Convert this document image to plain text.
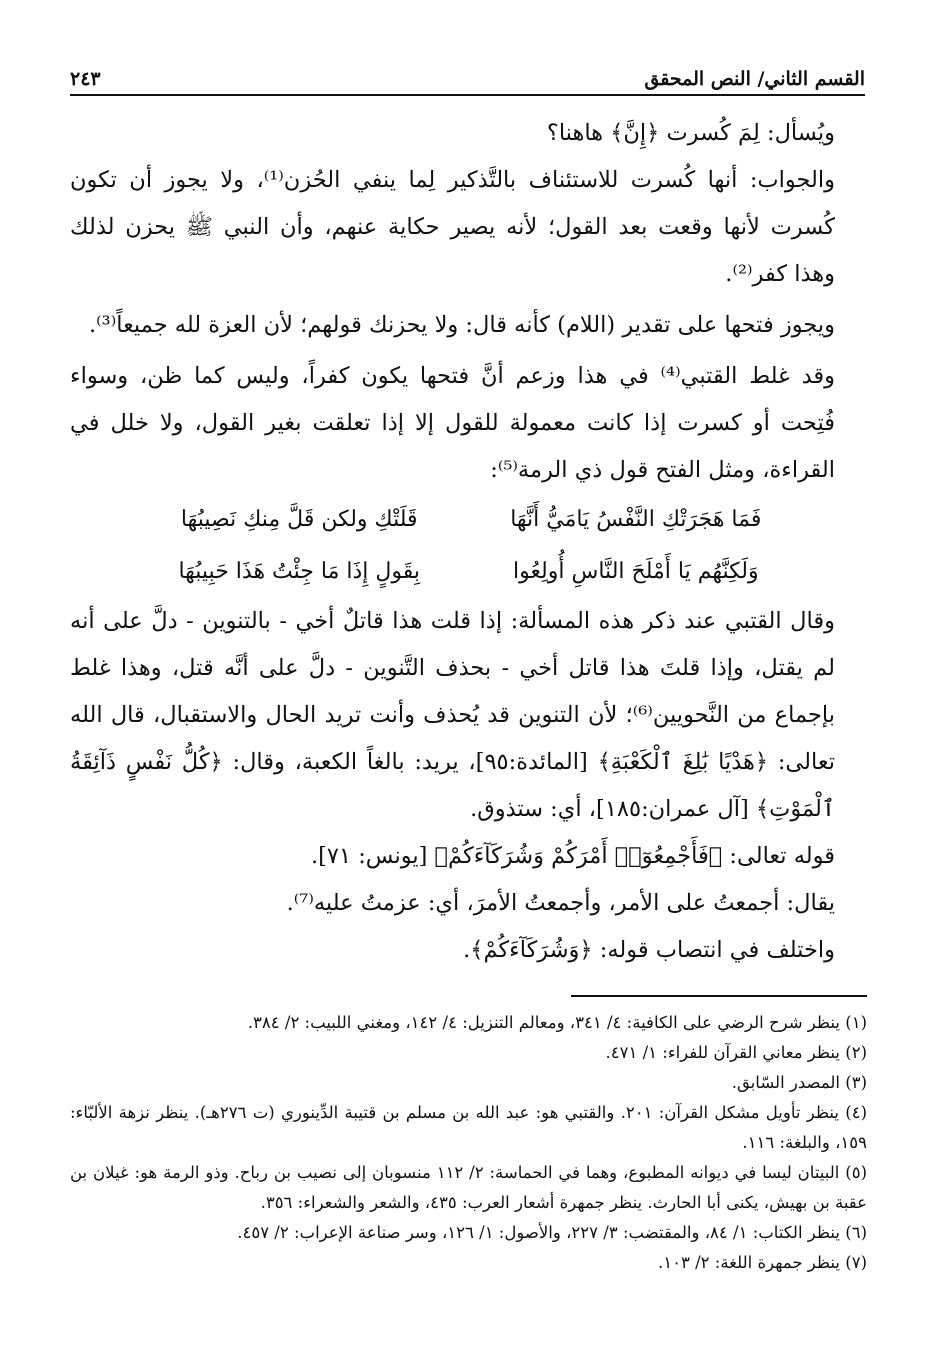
القسم الثاني/ النص المحقق
٢٤٣

ويُسأل: لِمَ كُسرت ﴿إِنَّ﴾ هاهنا؟

والجواب: أنها كُسرت للاستئناف بالتَّذكير لِما ينفي الحُزن⁽¹⁾، ولا يجوز أن تكون كُسرت لأنها وقعت بعد القول؛ لأنه يصير حكاية عنهم، وأن النبي ﷺ يحزن لذلك وهذا كفر⁽²⁾.

ويجوز فتحها على تقدير (اللام) كأنه قال: ولا يحزنك قولهم؛ لأن العزة لله جميعاً⁽³⁾.

وقد غلط القتبي⁽⁴⁾ في هذا وزعم أنَّ فتحها يكون كفراً، وليس كما ظن، وسواء فُتِحت أو كسرت إذا كانت معمولة للقول إلا إذا تعلقت بغير القول، ولا خلل في القراءة، ومثل الفتح قول ذي الرمة⁽⁵⁾:

فَمَا هَجَرَتْكِ النَّفْسُ يَامَيُّ أَنَّهَا
قَلَتْكِ ولكن قَلَّ مِنكِ نَصِيبُهَا
وَلَكِنَّهُم يَا أَمْلَحَ النَّاسِ أُولِعُوا
بِقَولٍ إِذَا مَا جِئْتُ هَذَا حَبِيبُهَا

وقال القتبي عند ذكر هذه المسألة: إذا قلت هذا قاتلٌ أخي - بالتنوين - دلَّ على أنه لم يقتل، وإذا قلتَ هذا قاتل أخي - بحذف التَّنوين - دلَّ على أنَّه قتل، وهذا غلط بإجماع من النَّحويين⁽⁶⁾؛ لأن التنوين قد يُحذف وأنت تريد الحال والاستقبال، قال الله تعالى: ﴿هَدْيًا بَٰلِغَ ٱلْكَعْبَةِ﴾ [المائدة:٩٥]، يريد: بالغاً الكعبة، وقال: ﴿كُلُّ نَفْسٍ ذَآئِقَةُ ٱلْمَوْتِ﴾ [آل عمران:١٨٥]، أي: ستذوق.

قوله تعالى: ﴿فَأَجْمِعُوٓا۟ أَمْرَكُمْ وَشُرَكَآءَكُمْ﴾ [يونس: ٧١].

يقال: أجمعتُ على الأمر، وأجمعتُ الأمرَ، أي: عزمتُ عليه⁽⁷⁾.

واختلف في انتصاب قوله: ﴿وَشُرَكَآءَكُمْ﴾.

(١) ينظر شرح الرضي على الكافية: ٤/ ٣٤١، ومعالم التنزيل: ٤/ ١٤٢، ومغني اللبيب: ٢/ ٣٨٤.

(٢) ينظر معاني القرآن للفراء: ١/ ٤٧١.

(٣) المصدر السّابق.

(٤) ينظر تأويل مشكل القرآن: ٢٠١. والقتبي هو: عبد الله بن مسلم بن قتيبة الدِّينوري (ت ٢٧٦هـ). ينظر نزهة الألبّاء: ١٥٩، والبلغة: ١١٦.

(٥) البيتان ليسا في ديوانه المطبوع، وهما في الحماسة: ٢/ ١١٢ منسوبان إلى نصيب بن رباح. وذو الرمة هو: غيلان بن عقبة بن بهيش، يكنى أبا الحارث. ينظر جمهرة أشعار العرب: ٤٣٥، والشعر والشعراء: ٣٥٦.

(٦) ينظر الكتاب: ١/ ٨٤، والمقتضب: ٣/ ٢٢٧، والأصول: ١/ ١٢٦، وسر صناعة الإعراب: ٢/ ٤٥٧.

(٧) ينظر جمهرة اللغة: ٢/ ١٠٣.
